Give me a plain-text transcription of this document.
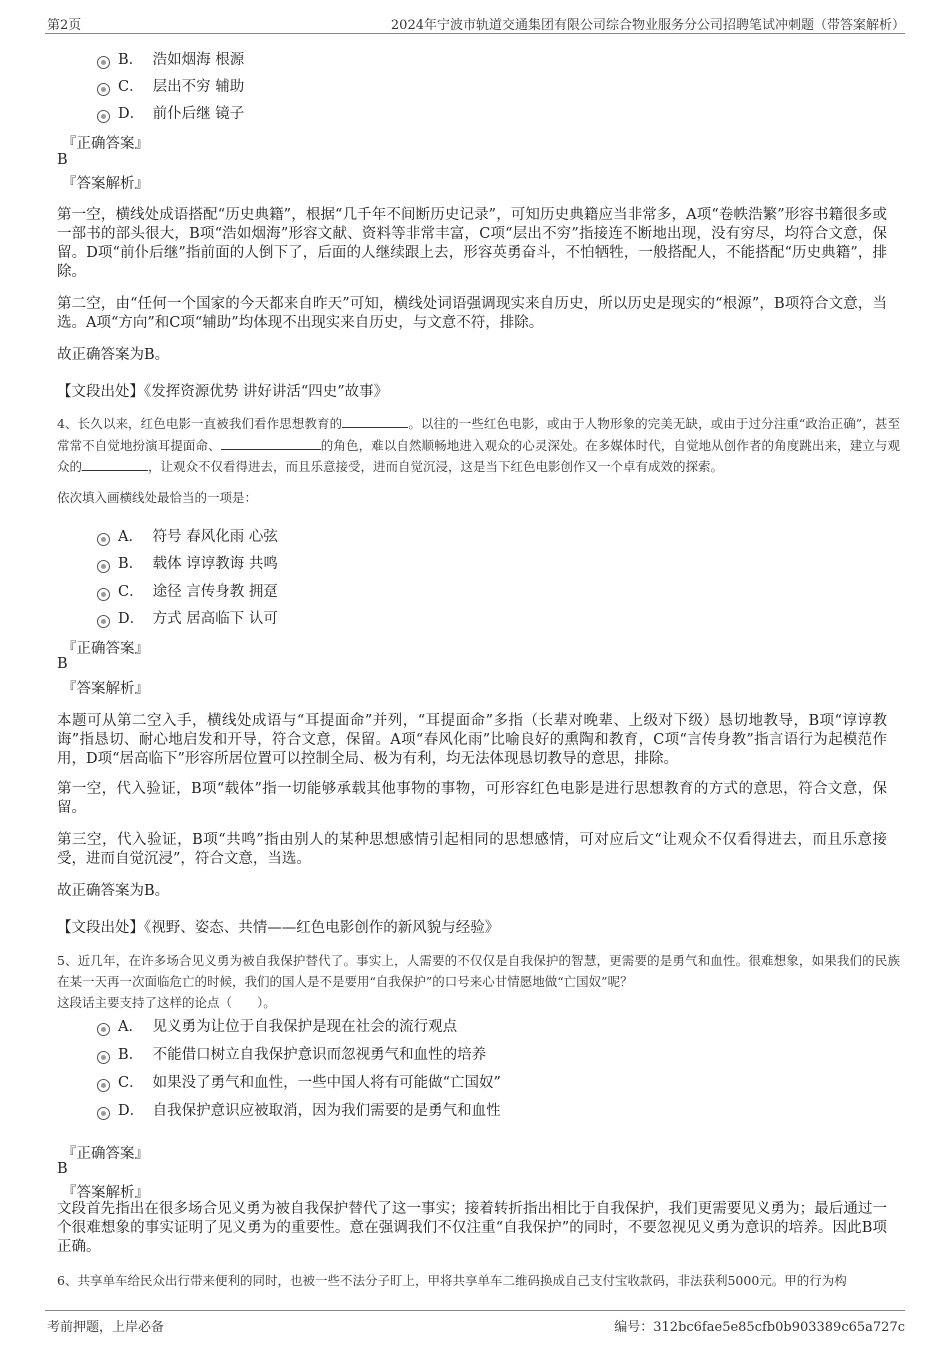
第2页	2024年宁波市轨道交通集团有限公司综合物业服务分公司招聘笔试冲刺题（带答案解析）
B． 浩如烟海 根源
C． 层出不穷 辅助
D． 前仆后继 镜子
『正确答案』
B
『答案解析』
第一空，横线处成语搭配“历史典籍”，根据“几千年不间断历史记录”，可知历史典籍应当非常多，A项“卷帙浩繁”形容书籍很多或一部书的部头很大，B项“浩如烟海”形容文献、资料等非常丰富，C项“层出不穷”指接连不断地出现，没有穷尽，均符合文意，保留。D项“前仆后继”指前面的人倒下了，后面的人继续跟上去，形容英勇奋斗，不怕牺牲，一般搭配人，不能搭配“历史典籍”，排除。
第二空，由“任何一个国家的今天都来自昨天”可知，横线处词语强调现实来自历史，所以历史是现实的“根源”，B项符合文意，当选。A项“方向”和C项“辅助”均体现不出现实来自历史，与文意不符，排除。
故正确答案为B。
【文段出处】《发挥资源优势 讲好讲活“四史”故事》
4、长久以来，红色电影一直被我们看作思想教育的	。以往的一些红色电影，或由于人物形象的完美无缺，或由于过分注重“政治正确”，甚至常常不自觉地扮演耳提面命、	的角色，难以自然顺畅地进入观众的心灵深处。在多媒体时代，自觉地从创作者的角度跳出来，建立与观众的	，让观众不仅看得进去，而且乐意接受，进而自觉沉浸，这是当下红色电影创作又一个卓有成效的探索。
依次填入画横线处最恰当的一项是：
A． 符号 春风化雨 心弦
B． 载体 谆谆教诲 共鸣
C． 途径 言传身教 拥趸
D． 方式 居高临下 认可
『正确答案』
B
『答案解析』
本题可从第二空入手，横线处成语与“耳提面命”并列，“耳提面命”多指（长辈对晚辈、上级对下级）恳切地教导，B项“谆谆教诲”指恳切、耐心地启发和开导，符合文意，保留。A项“春风化雨”比喻良好的熏陶和教育，C项“言传身教”指言语行为起模范作用，D项“居高临下”形容所居位置可以控制全局、极为有利，均无法体现恳切教导的意思，排除。
第一空，代入验证，B项“载体”指一切能够承载其他事物的事物，可形容红色电影是进行思想教育的方式的意思，符合文意，保留。
第三空，代入验证，B项“共鸣”指由别人的某种思想感情引起相同的思想感情，可对应后文“让观众不仅看得进去，而且乐意接受，进而自觉沉浸”，符合文意，当选。
故正确答案为B。
【文段出处】《视野、姿态、共情——红色电影创作的新风貌与经验》
5、近几年，在许多场合见义勇为被自我保护替代了。事实上，人需要的不仅仅是自我保护的智慧，更需要的是勇气和血性。很难想象，如果我们的民族在某一天再一次面临危亡的时候，我们的国人是不是要用“自我保护”的口号来心甘情愿地做“亡国奴”呢？
这段话主要支持了这样的论点（　　）。
A． 见义勇为让位于自我保护是现在社会的流行观点
B． 不能借口树立自我保护意识而忽视勇气和血性的培养
C． 如果没了勇气和血性，一些中国人将有可能做“亡国奴”
D． 自我保护意识应被取消，因为我们需要的是勇气和血性
『正确答案』
B
『答案解析』
文段首先指出在很多场合见义勇为被自我保护替代了这一事实；接着转折指出相比于自我保护，我们更需要见义勇为；最后通过一个很难想象的事实证明了见义勇为的重要性。意在强调我们不仅注重“自我保护”的同时，不要忽视见义勇为意识的培养。因此B项正确。
6、共享单车给民众出行带来便利的同时，也被一些不法分子盯上，甲将共享单车二维码换成自己支付宝收款码，非法获利5000元。甲的行为构
考前押题，上岸必备	编号：312bc6fae5e85cfb0b903389c65a727c
